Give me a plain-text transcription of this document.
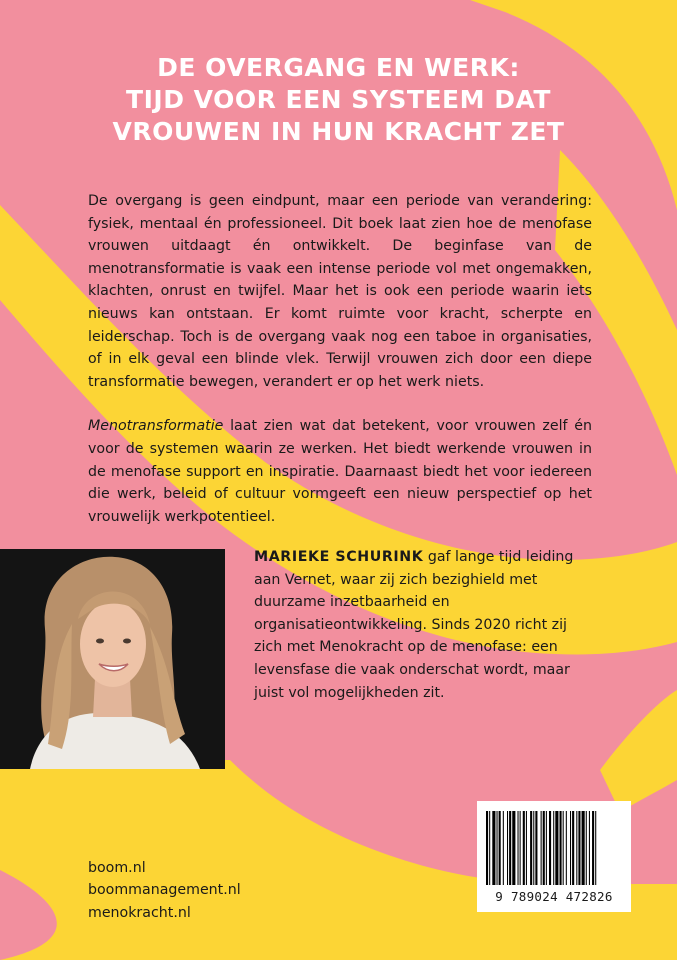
DE OVERGANG EN WERK:
TIJD VOOR EEN SYSTEEM DAT
VROUWEN IN HUN KRACHT ZET

De overgang is geen eindpunt, maar een periode van verandering: fysiek, mentaal én professioneel. Dit boek laat zien hoe de menofase vrouwen uitdaagt én ontwikkelt. De beginfase van de menotransformatie is vaak een intense periode vol met ongemakken, klachten, onrust en twijfel. Maar het is ook een periode waarin iets nieuws kan ontstaan. Er komt ruimte voor kracht, scherpte en leiderschap. Toch is de overgang vaak nog een taboe in organisaties, of in elk geval een blinde vlek. Terwijl vrouwen zich door een diepe transformatie bewegen, verandert er op het werk niets.

Menotransformatie laat zien wat dat betekent, voor vrouwen zelf én voor de systemen waarin ze werken. Het biedt werkende vrouwen in de menofase support en inspiratie. Daarnaast biedt het voor iedereen die werk, beleid of cultuur vormgeeft een nieuw perspectief op het vrouwelijk werkpotentieel.

MARIEKE SCHURINK gaf lange tijd leiding aan Vernet, waar zij zich bezighield met duurzame inzetbaarheid en organisatieontwikkeling. Sinds 2020 richt zij zich met Menokracht op de menofase: een levensfase die vaak onderschat wordt, maar juist vol mogelijkheden zit.
boom.nl
boommanagement.nl
menokracht.nl
9 789024 472826
